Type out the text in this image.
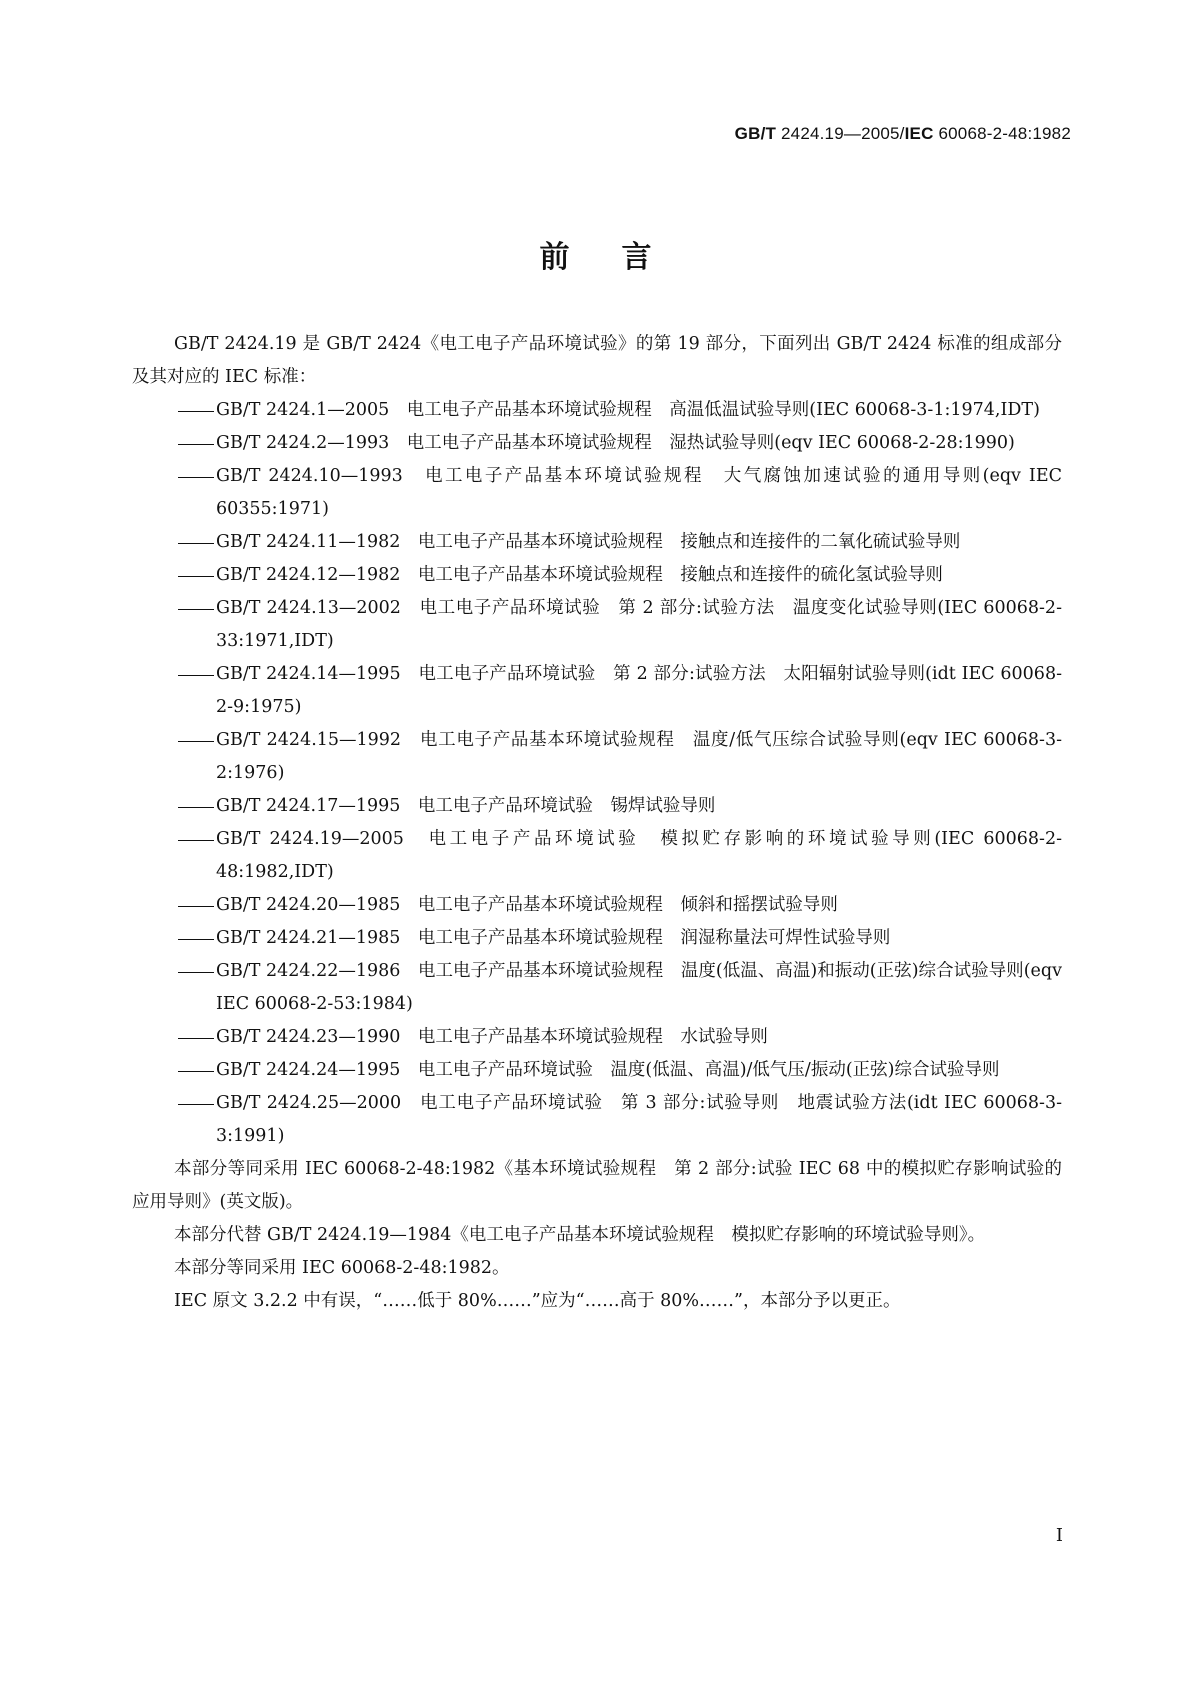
GB/T 2424.19—2005/IEC 60068-2-48:1982
前言
GB/T 2424.19 是 GB/T 2424《电工电子产品环境试验》的第 19 部分，下面列出 GB/T 2424 标准的组成部分及其对应的 IEC 标准：
GB/T 2424.1—2005　电工电子产品基本环境试验规程　高温低温试验导则(IEC 60068-3-1:1974,IDT)
GB/T 2424.2—1993　电工电子产品基本环境试验规程　湿热试验导则(eqv IEC 60068-2-28:1990)
GB/T 2424.10—1993　电工电子产品基本环境试验规程　大气腐蚀加速试验的通用导则(eqv IEC 60355:1971)
GB/T 2424.11—1982　电工电子产品基本环境试验规程　接触点和连接件的二氧化硫试验导则
GB/T 2424.12—1982　电工电子产品基本环境试验规程　接触点和连接件的硫化氢试验导则
GB/T 2424.13—2002　电工电子产品环境试验　第 2 部分:试验方法　温度变化试验导则(IEC 60068-2-33:1971,IDT)
GB/T 2424.14—1995　电工电子产品环境试验　第 2 部分:试验方法　太阳辐射试验导则(idt IEC 60068-2-9:1975)
GB/T 2424.15—1992　电工电子产品基本环境试验规程　温度/低气压综合试验导则(eqv IEC 60068-3-2:1976)
GB/T 2424.17—1995　电工电子产品环境试验　锡焊试验导则
GB/T 2424.19—2005　电工电子产品环境试验　模拟贮存影响的环境试验导则(IEC 60068-2-48:1982,IDT)
GB/T 2424.20—1985　电工电子产品基本环境试验规程　倾斜和摇摆试验导则
GB/T 2424.21—1985　电工电子产品基本环境试验规程　润湿称量法可焊性试验导则
GB/T 2424.22—1986　电工电子产品基本环境试验规程　温度(低温、高温)和振动(正弦)综合试验导则(eqv IEC 60068-2-53:1984)
GB/T 2424.23—1990　电工电子产品基本环境试验规程　水试验导则
GB/T 2424.24—1995　电工电子产品环境试验　温度(低温、高温)/低气压/振动(正弦)综合试验导则
GB/T 2424.25—2000　电工电子产品环境试验　第 3 部分:试验导则　地震试验方法(idt IEC 60068-3-3:1991)
本部分等同采用 IEC 60068-2-48:1982《基本环境试验规程　第 2 部分:试验 IEC 68 中的模拟贮存影响试验的应用导则》(英文版)。
本部分代替 GB/T 2424.19—1984《电工电子产品基本环境试验规程　模拟贮存影响的环境试验导则》。
本部分等同采用 IEC 60068-2-48:1982。
IEC 原文 3.2.2 中有误，“……低于 80%……”应为“……高于 80%……”，本部分予以更正。
I
